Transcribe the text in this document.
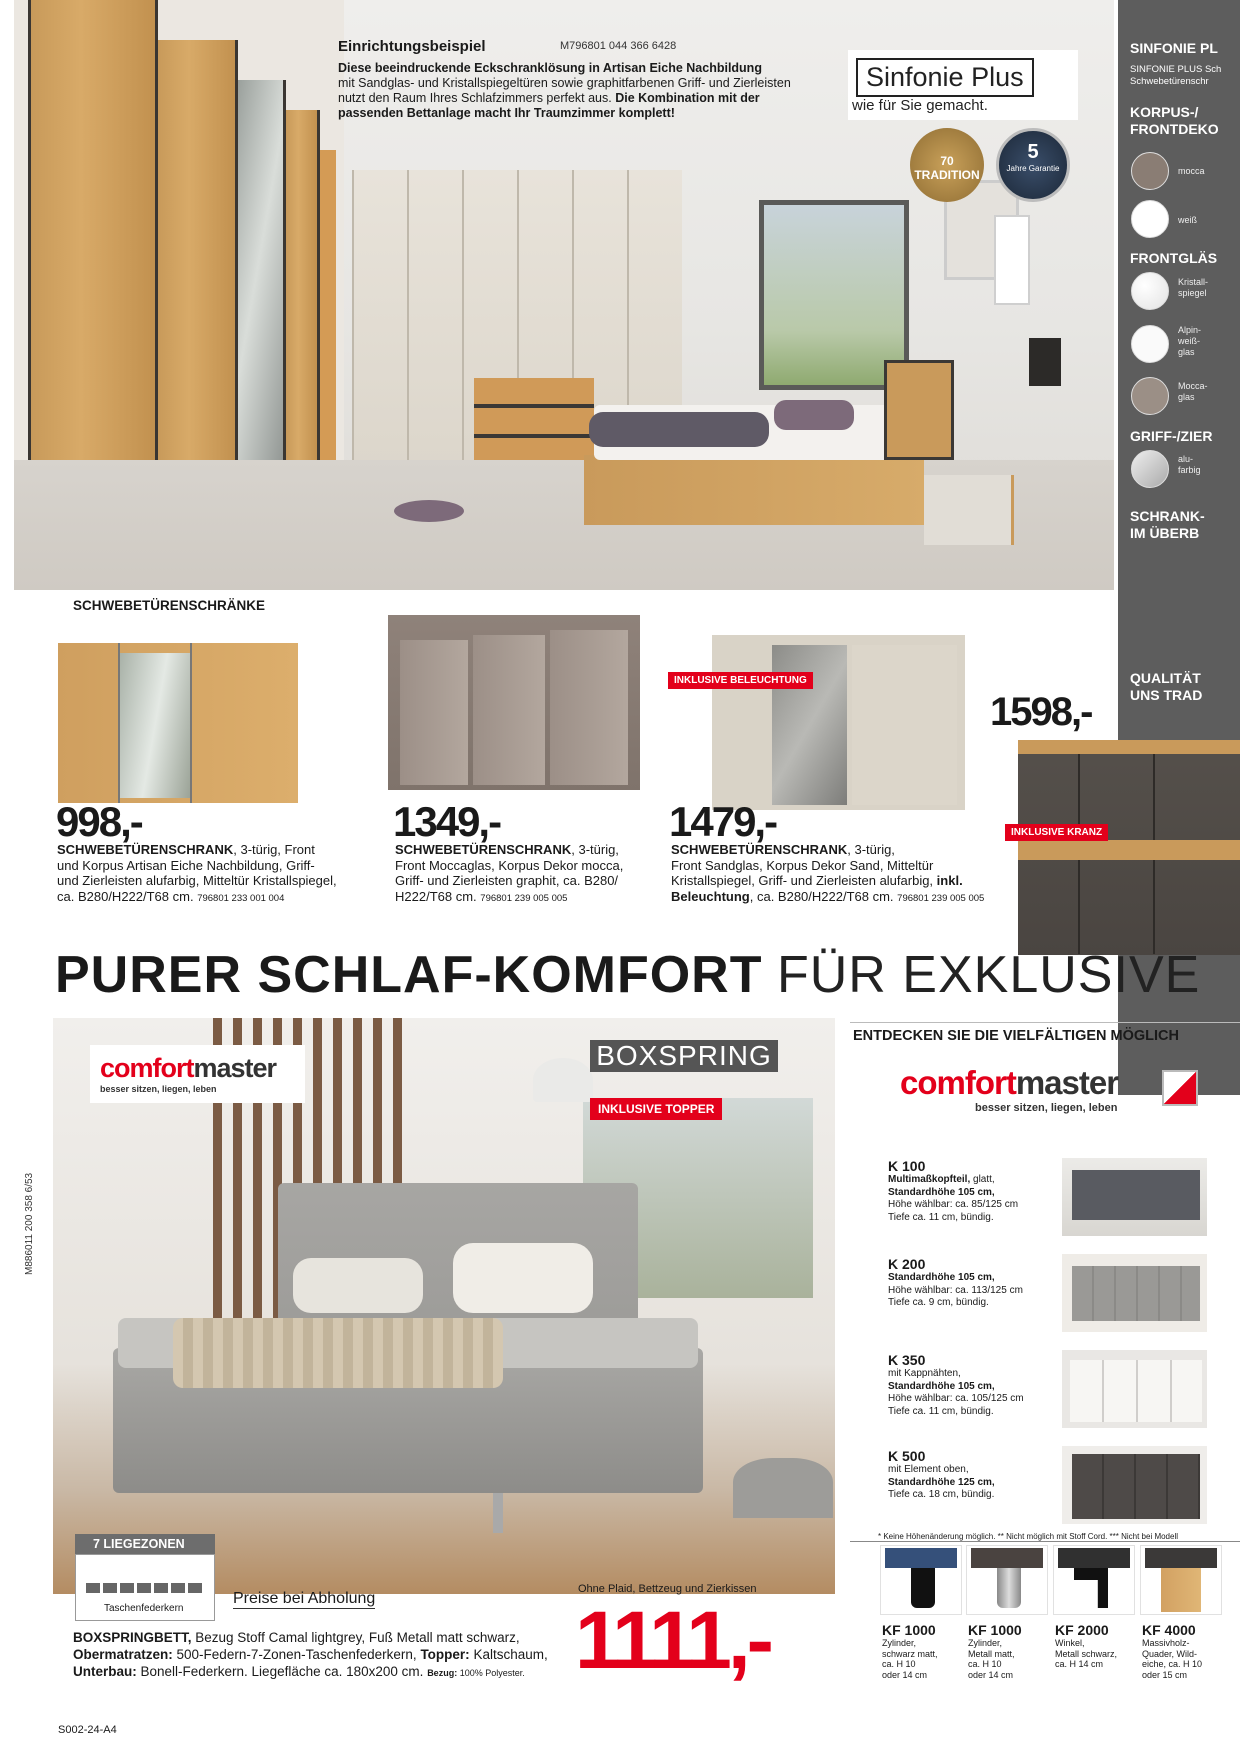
Einrichtungsbeispiel	M796801 044 366 6428

Diese beeindruckende Eckschranklösung in Artisan Eiche Nachbildung
mit Sandglas- und Kristallspiegeltüren sowie graphitfarbenen Griff- und Zierleisten
nutzt den Raum Ihres Schlafzimmers perfekt aus. Die Kombination mit der
passenden Bettanlage macht Ihr Traumzimmer komplett!

Sinfonie Plus
wie für Sie gemacht.
70 TRADITION
5
Jahre Garantie
SINFONIE PL
SINFONIE PLUS Sch
Schwebetürenschr
KORPUS-/ FRONTDEKO
mocca
weiß
FRONTGLÄS
Kristall- spiegel
Alpin- weiß- glas
Mocca- glas
GRIFF-/ZIER
alu- farbig
SCHRANK- IM ÜBERB
QUALITÄT UNS TRAD
SCHWEBETÜRENSCHRÄNKE
INKLUSIVE BELEUCHTUNG
1598,-
INKLUSIVE KRANZ
998,-
SCHWEBETÜRENSCHRANK, 3-türig, Front
und Korpus Artisan Eiche Nachbildung, Griff-
und Zierleisten alufarbig, Mitteltür Kristallspiegel,
ca. B280/H222/T68 cm. 796801 233 001 004
1349,-
SCHWEBETÜRENSCHRANK, 3-türig,
Front Moccaglas, Korpus Dekor mocca,
Griff- und Zierleisten graphit, ca. B280/
H222/T68 cm. 796801 239 005 005
1479,-
SCHWEBETÜRENSCHRANK, 3-türig,
Front Sandglas, Korpus Dekor Sand, Mitteltür
Kristallspiegel, Griff- und Zierleisten alufarbig, inkl.
Beleuchtung, ca. B280/H222/T68 cm. 796801 239 005 005
PURER SCHLAF-KOMFORT FÜR EXKLUSIVE
comfortmaster
besser sitzen, liegen, leben
BOXSPRING
INKLUSIVE TOPPER
M886011 200 358 6/53
7 LIEGEZONEN
Taschenfederkern
Preise bei Abholung
Ohne Plaid, Bettzeug und Zierkissen
1111,-
BOXSPRINGBETT, Bezug Stoff Camal lightgrey, Fuß Metall matt schwarz,
Obermatratzen: 500-Federn-7-Zonen-Taschenfederkern, Topper: Kaltschaum,
Unterbau: Bonell-Federkern. Liegefläche ca. 180x200 cm. Bezug: 100% Polyester.
S002-24-A4
ENTDECKEN SIE DIE VIELFÄLTIGEN MÖGLICH
comfortmaster
besser sitzen, liegen, leben
K 100
Multimaßkopfteil, glatt,
Standardhöhe 105 cm,
Höhe wählbar: ca. 85/125 cm
Tiefe ca. 11 cm, bündig.
K 200
Standardhöhe 105 cm,
Höhe wählbar: ca. 113/125 cm
Tiefe ca. 9 cm, bündig.
K 350
mit Kappnähten,
Standardhöhe 105 cm,
Höhe wählbar: ca. 105/125 cm
Tiefe ca. 11 cm, bündig.
K 500
mit Element oben,
Standardhöhe 125 cm,
Tiefe ca. 18 cm, bündig.
* Keine Höhenänderung möglich. ** Nicht möglich mit Stoff Cord. *** Nicht bei Modell
KF 1000
Zylinder,
schwarz matt,
ca. H 10
oder 14 cm
KF 1000
Zylinder,
Metall matt,
ca. H 10
oder 14 cm
KF 2000
Winkel,
Metall schwarz,
ca. H 14 cm
KF 4000
Massivholz-
Quader, Wild-
eiche, ca. H 10
oder 15 cm
